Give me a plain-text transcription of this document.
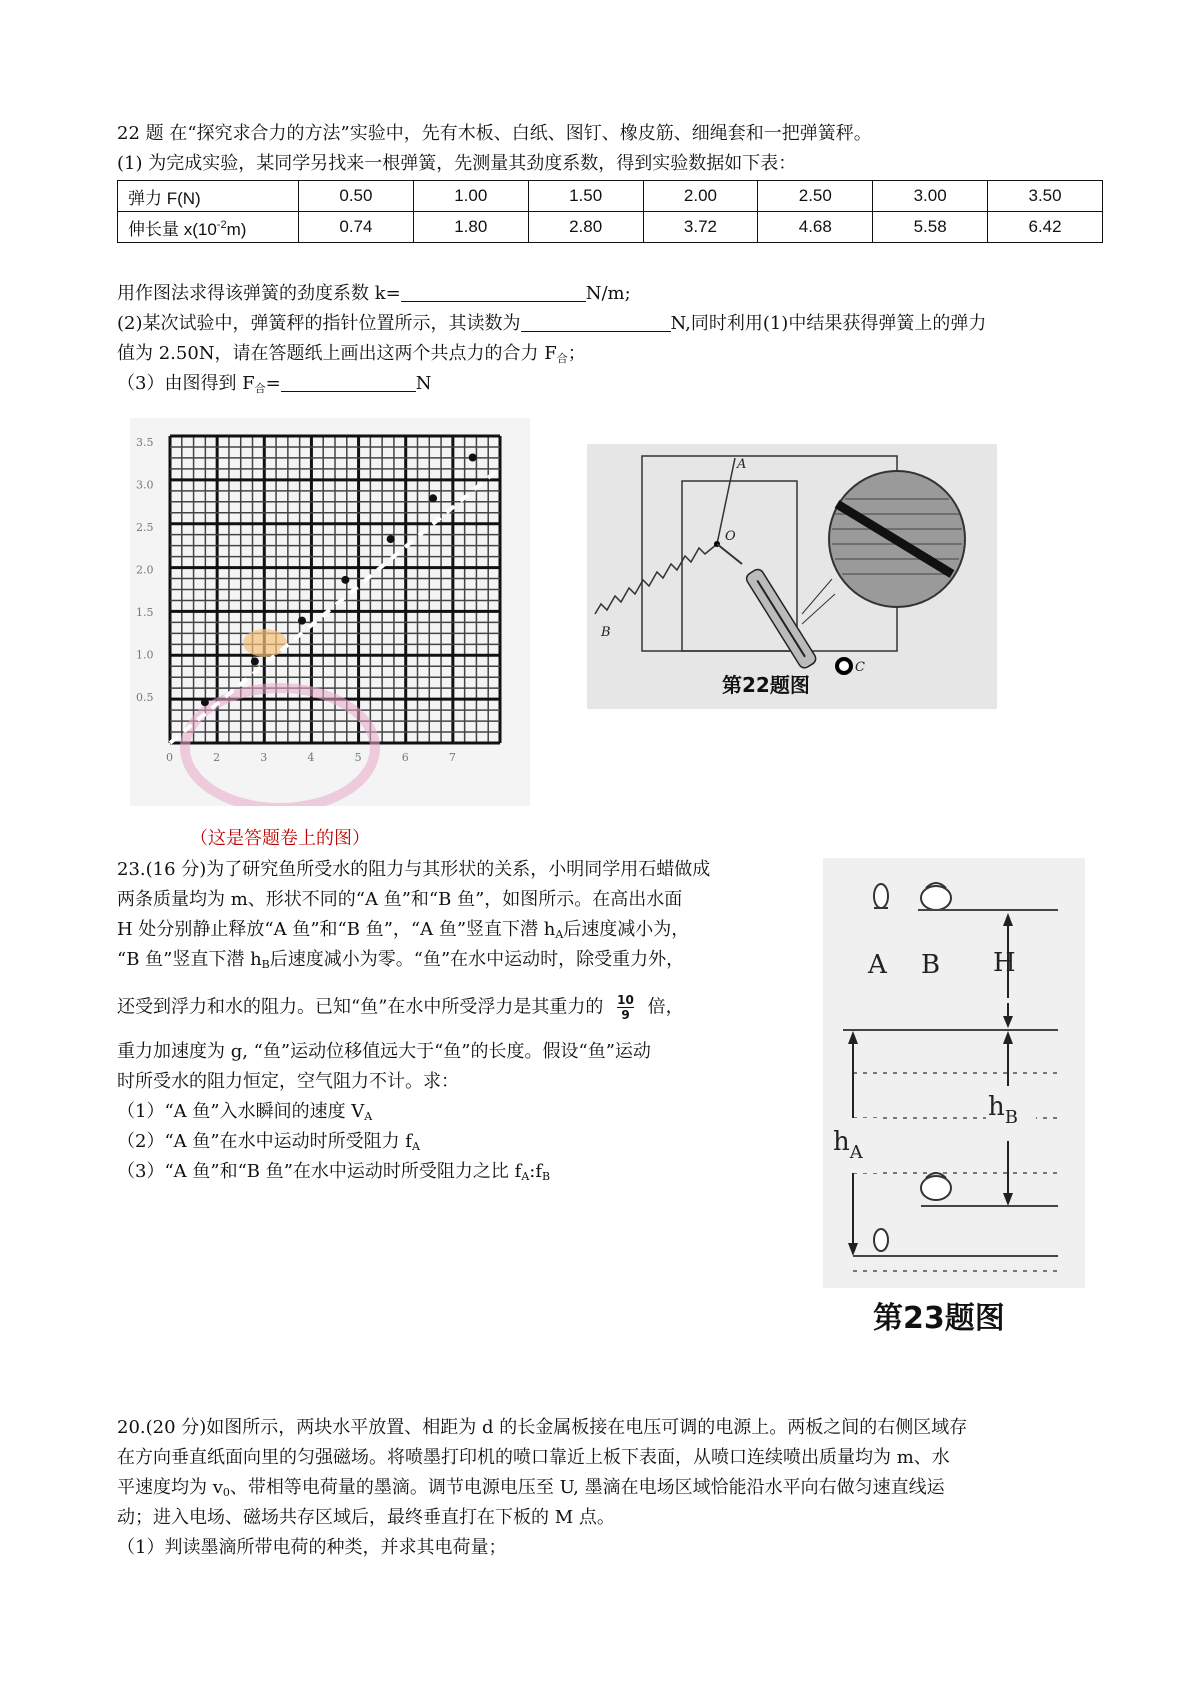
22 题 在“探究求合力的方法”实验中，先有木板、白纸、图钉、橡皮筋、细绳套和一把弹簧秤。
(1) 为完成实验，某同学另找来一根弹簧，先测量其劲度系数，得到实验数据如下表：
弹力 F(N)	0.50	1.00	1.50	2.00	2.50	3.00	3.50
伸长量 $x(10^{-2}m)$	0.74	1.80	2.80	3.72	4.68	5.58	6.42
用作图法求得该弹簧的劲度系数 k=	N/m;
(2)某次试验中，弹簧秤的指针位置所示，其读数为	N,同时利用(1)中结果获得弹簧上的弹力
值为 2.50N，请在答题纸上画出这两个共点力的合力 $F_合$；
（3）由图得到 $F_合=$	N
3.5
3.0
2.5
2.0
1.5
1.0
0.5
0	2	3	4	5	6	7
（这是答题卷上的图）
A
O
B
C
第22题图
23.(16 分)为了研究鱼所受水的阻力与其形状的关系，小明同学用石蜡做成
两条质量均为 m、形状不同的“A 鱼”和“B 鱼”，如图所示。在高出水面
H 处分别静止释放“A 鱼”和“B 鱼”，“A 鱼”竖直下潜 $h_A$后速度减小为，
“B 鱼”竖直下潜 $h_B$后速度减小为零。“鱼”在水中运动时，除受重力外，
还受到浮力和水的阻力。已知“鱼”在水中所受浮力是其重力的 $\frac{10}{9}$ 倍，
重力加速度为 g, “鱼”运动位移值远大于“鱼”的长度。假设“鱼”运动
时所受水的阻力恒定，空气阻力不计。求：
（1）“A 鱼”入水瞬间的速度 $V_A$
（2）“A 鱼”在水中运动时所受阻力 $f_A$
（3）“A 鱼”和“B 鱼”在水中运动时所受阻力之比 $f_A:f_B$
A B H
$h_A$
$h_B$
第23题图
20.(20 分)如图所示，两块水平放置、相距为 d 的长金属板接在电压可调的电源上。两板之间的右侧区域存
在方向垂直纸面向里的匀强磁场。将喷墨打印机的喷口靠近上板下表面，从喷口连续喷出质量均为 m、水
平速度均为 $v_0$、带相等电荷量的墨滴。调节电源电压至 U, 墨滴在电场区域恰能沿水平向右做匀速直线运
动；进入电场、磁场共存区域后，最终垂直打在下板的 M 点。
（1）判读墨滴所带电荷的种类，并求其电荷量；
